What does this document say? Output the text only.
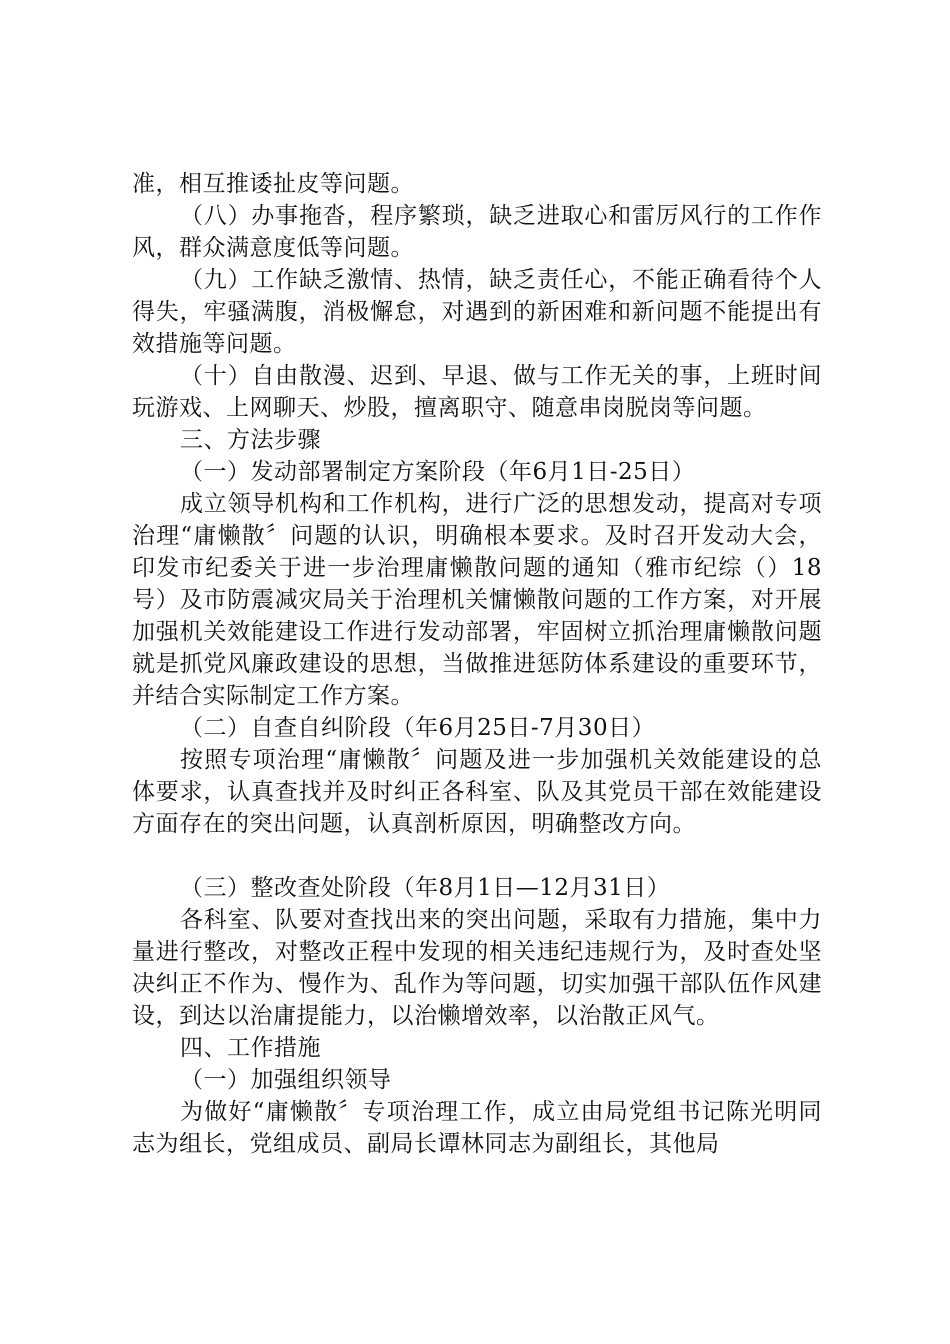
准，相互推诿扯皮等问题。

（八）办事拖沓，程序繁琐，缺乏进取心和雷厉风行的工作作风，群众满意度低等问题。

（九）工作缺乏激情、热情，缺乏责任心，不能正确看待个人得失，牢骚满腹，消极懈怠，对遇到的新困难和新问题不能提出有效措施等问题。

（十）自由散漫、迟到、早退、做与工作无关的事，上班时间玩游戏、上网聊天、炒股，擅离职守、随意串岗脱岗等问题。

三、方法步骤

（一）发动部署制定方案阶段（年6月1日-25日）

成立领导机构和工作机构，进行广泛的思想发动，提高对专项治理“庸懒散〞问题的认识，明确根本要求。及时召开发动大会，印发市纪委关于进一步治理庸懒散问题的通知（雅市纪综（）18号）及市防震减灾局关于治理机关慵懒散问题的工作方案，对开展加强机关效能建设工作进行发动部署，牢固树立抓治理庸懒散问题就是抓党风廉政建设的思想，当做推进惩防体系建设的重要环节，并结合实际制定工作方案。

（二）自查自纠阶段（年6月25日-7月30日）

按照专项治理“庸懒散〞问题及进一步加强机关效能建设的总体要求，认真查找并及时纠正各科室、队及其党员干部在效能建设方面存在的突出问题，认真剖析原因，明确整改方向。

（三）整改查处阶段（年8月1日—12月31日）

各科室、队要对查找出来的突出问题，采取有力措施，集中力量进行整改，对整改正程中发现的相关违纪违规行为，及时查处坚决纠正不作为、慢作为、乱作为等问题，切实加强干部队伍作风建设，到达以治庸提能力，以治懒增效率，以治散正风气。

四、工作措施

（一）加强组织领导

为做好“庸懒散〞专项治理工作，成立由局党组书记陈光明同志为组长，党组成员、副局长谭林同志为副组长，其他局
